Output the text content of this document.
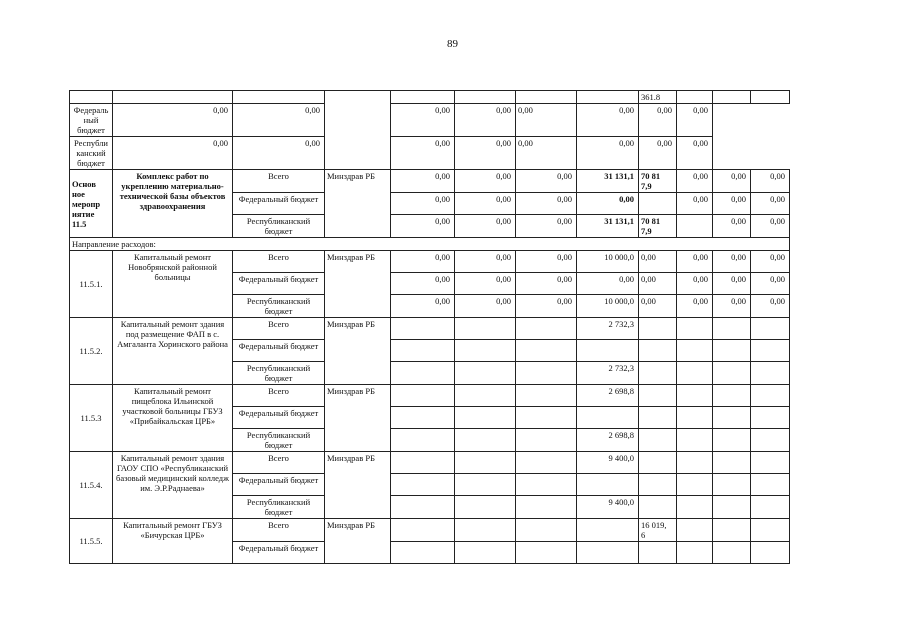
89
								361.8			
Федеральный бюджет	0,00	0,00		0,00	0,00	0,00	0,00	0,00	0,00		
Республиканский бюджет	0,00	0,00		0,00	0,00	0,00	0,00	0,00	0,00		
Основ ное меропр иятие 11.5	Комплекс работ по укреплению материально-технической базы объектов здравоохранения	Всего	Минздрав РБ	0,00	0,00	0,00	31 131,1	70 81 7,9	0,00	0,00	0,00
		Федеральный бюджет		0,00	0,00	0,00	0,00		0,00	0,00	0,00
		Республиканский бюджет		0,00	0,00	0,00	31 131,1	70 81 7,9		0,00	0,00
Направление расходов:											
11.5.1.	Капитальный ремонт Новобрянской районной больницы	Всего	Минздрав РБ	0,00	0,00	0,00	10 000,0	0,00	0,00	0,00	0,00
		Федеральный бюджет		0,00	0,00	0,00	0,00	0,00	0,00	0,00	0,00
		Республиканский бюджет		0,00	0,00	0,00	10 000,0	0,00	0,00	0,00	0,00
11.5.2.	Капитальный ремонт здания под размещение ФАП в с. Амгаланта Хоринского района	Всего	Минздрав РБ				2 732,3				
		Федеральный бюджет									
		Республиканский бюджет					2 732,3				
11.5.3	Капитальный ремонт пищеблока Ильинской участковой больницы ГБУЗ «Прибайкальская ЦРБ»	Всего	Минздрав РБ				2 698,8				
		Федеральный бюджет									
		Республиканский бюджет					2 698,8				
11.5.4.	Капитальный ремонт здания ГАОУ СПО «Республиканский базовый медицинский колледж им. Э.Р.Раднаева»	Всего	Минздрав РБ				9 400,0				
		Федеральный бюджет									
		Республиканский бюджет					9 400,0				
11.5.5.	Капитальный ремонт ГБУЗ «Бичурская ЦРБ»	Всего	Минздрав РБ					16 019, 6			
		Федеральный бюджет									
